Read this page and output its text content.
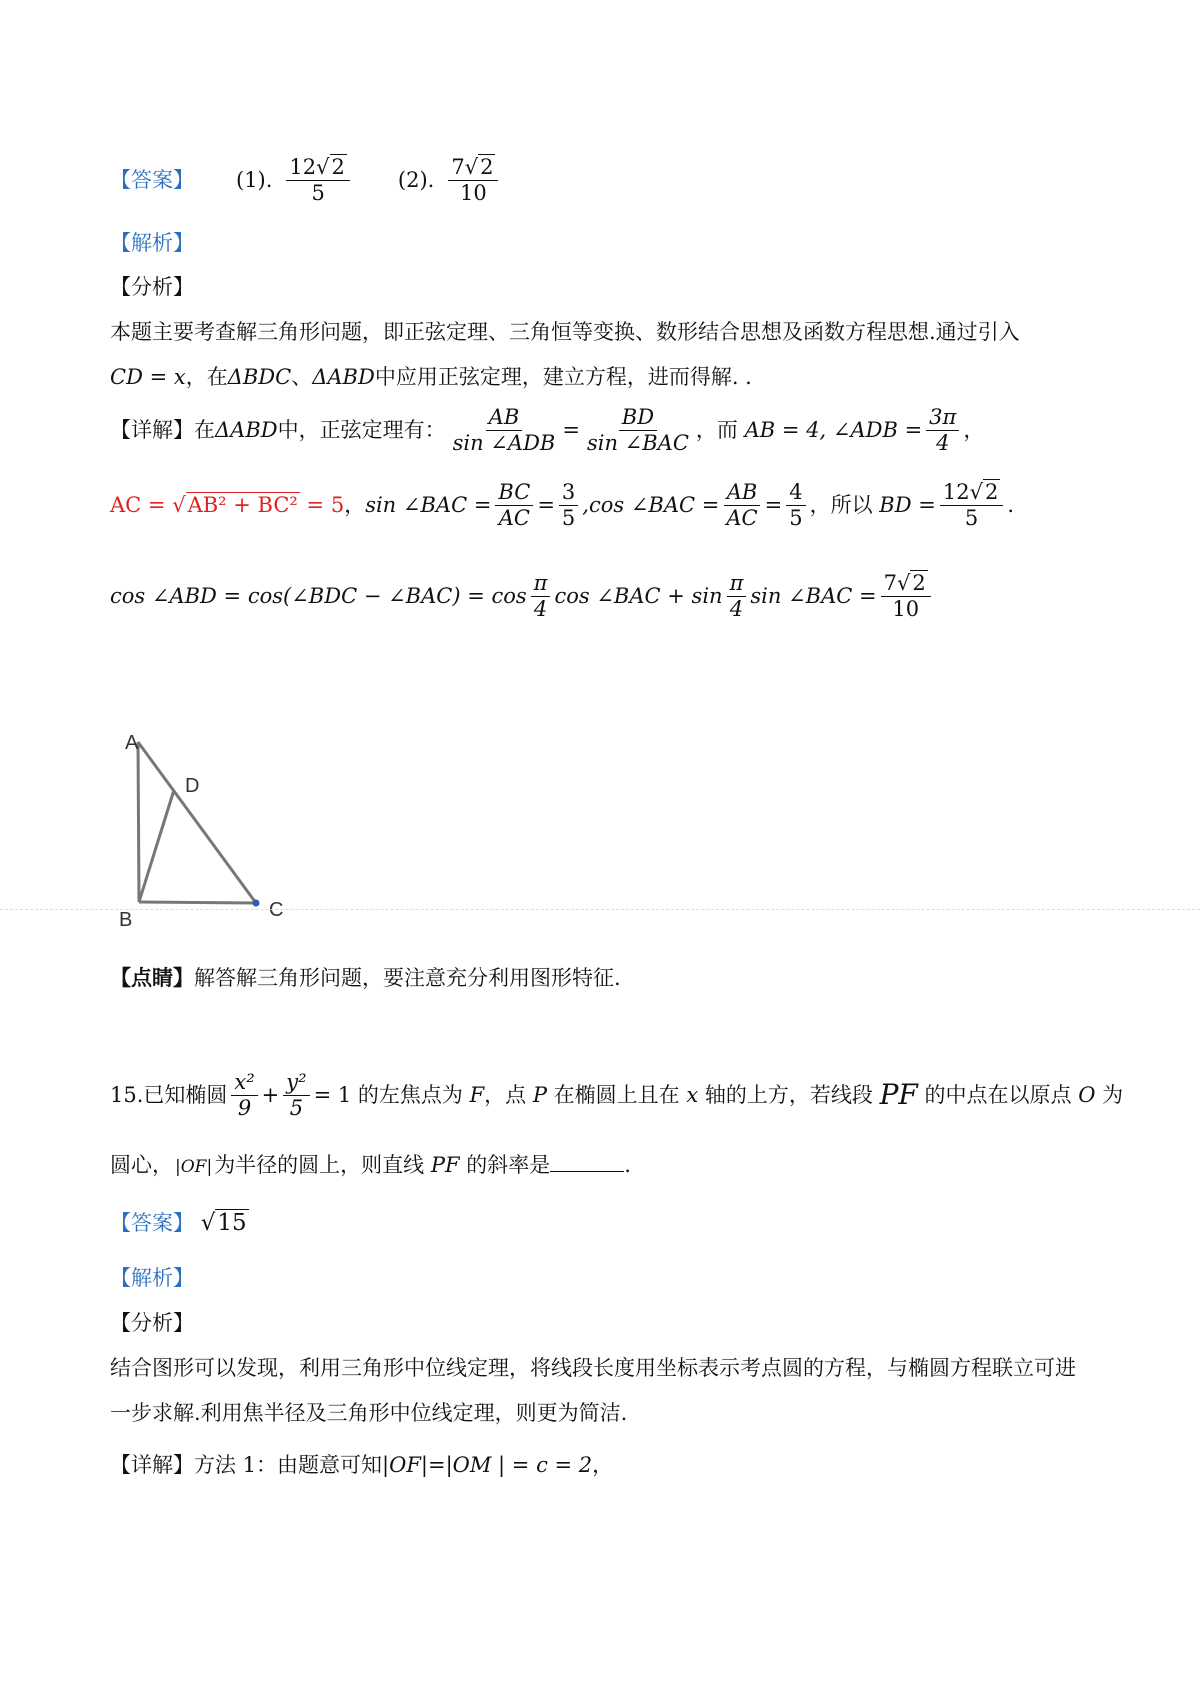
【答案】 (1). $\frac{12√2}{5} (2)$. $\frac{7√2}{10}$
【解析】
【分析】
本题主要考查解三角形问题，即正弦定理、三角恒等变换、数形结合思想及函数方程思想.通过引入
CD = x，在ΔBDC、ΔABD中应用正弦定理，建立方程，进而得解. .
【详解】 在 ΔABD 中，正弦定理有： $\frac{AB}{\text{sin ∠ADB}} = \frac{BD}{\text{sin ∠BAC}}$ ，而
AB = 4, ∠ADB = $\frac{3\pi}{4}$ ，
AC = √AB² + BC² = 5 ， sin ∠BAC = $\frac{BC}{AC} = \frac{3}{5} ,\cos$ ∠BAC = $\frac{AB}{AC} = \frac{4}{5}$ ，所以
BD = $\frac{12√2}{5}$ .
cos ∠ABD = cos(∠BDC − ∠BAC) = $\cos \frac{\pi}{4}$ cos ∠BAC + $\sin \frac{\pi}{4}$ sin ∠BAC = $\frac{7√2}{10}$
A
D
B	C
【点睛】解答解三角形问题，要注意充分利用图形特征.
15.已知椭圆 $\frac{\text{x²}}{9} + \frac{\text{y²}}{5} = 1$ 的左焦点为
F ，点
P
在椭圆上且在
x
轴的上方，若线段
PF
的中点在以原点
O
为
圆心， |OF|为半径的圆上，则直线 PF 的斜率是	.
【答案】 √15
【解析】
【分析】
结合图形可以发现，利用三角形中位线定理，将线段长度用坐标表示考点圆的方程，与椭圆方程联立可进
一步求解.利用焦半径及三角形中位线定理，则更为简洁.
【详解】方法 1：由题意可知|OF|=|OM | = c = 2，
